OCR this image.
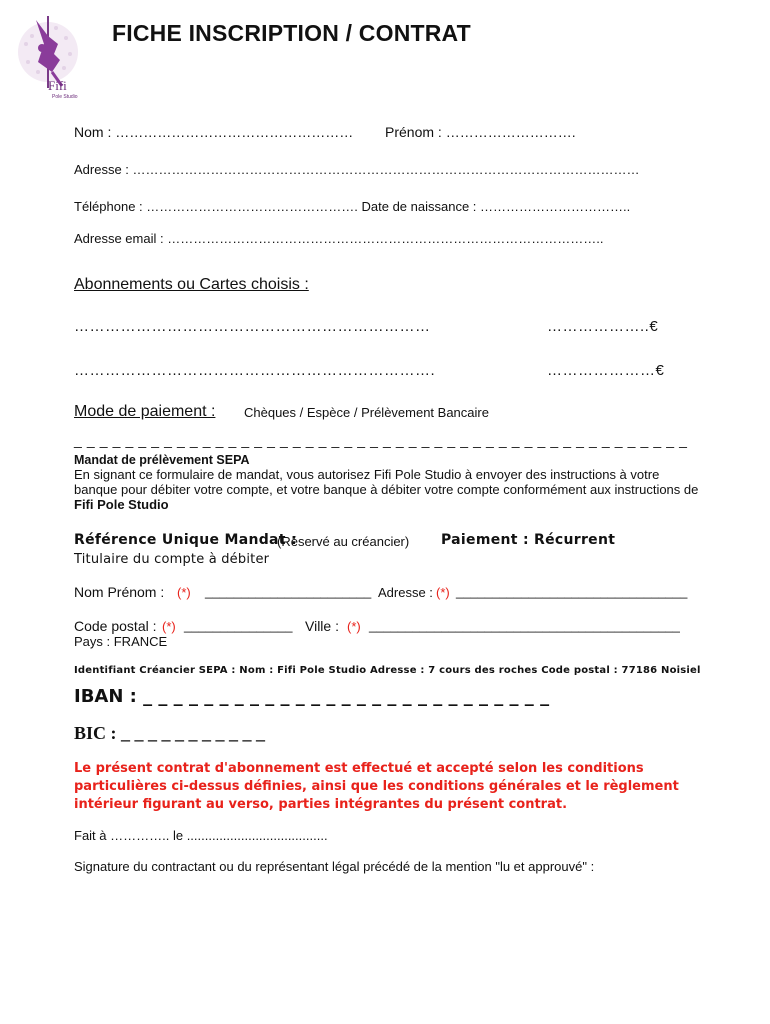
Fifi
Pole Studio
FICHE INSCRIPTION / CONTRAT
Nom : …………………………………………… Prénom : ……………………….
Adresse : ………………………………………………………………………………………………………
Téléphone : …………………………………………. Date de naissance : ……………………………..
Adresse email : ………………………………………………………………………………………..
Abonnements ou Cartes choisis :
……………………………………………………………	………………..€
…………………………………………………………….	…………………€
Mode de paiement : Chèques / Espèce / Prélèvement Bancaire
_ _ _ _ _ _ _ _ _ _ _ _ _ _ _ _ _ _ _ _ _ _ _ _ _ _ _ _ _ _ _ _ _ _ _ _ _ _ _ _ _ _ _ _ _ _ _ _
Mandat de prélèvement SEPA
En signant ce formulaire de mandat, vous autorisez Fifi Pole Studio à envoyer des instructions à votre banque pour débiter votre compte, et votre banque à débiter votre compte conformément aux instructions de Fifi Pole Studio
Référence Unique Mandat :
(Réservé au créancier) Paiement : Récurrent
Titulaire du compte à débiter
Nom Prénom : (*) _______________________ Adresse : (*) ________________________________
Code postal : (*) _______________ Ville : (*) ___________________________________________
Pays : FRANCE
Identifiant Créancier SEPA : Nom : Fifi Pole Studio Adresse : 7 cours des roches Code postal : 77186 Noisiel
IBAN : _ _ _ _ _ _ _ _ _ _ _ _ _ _ _ _ _ _ _ _ _ _ _ _ _ _ _
BIC : _ _ _ _ _ _ _ _ _ _ _
Le présent contrat d'abonnement est effectué et accepté selon les conditions particulières ci-dessus définies, ainsi que les conditions générales et le règlement intérieur figurant au verso, parties intégrantes du présent contrat.
Fait à ………….. le .......................................
Signature du contractant ou du représentant légal précédé de la mention "lu et approuvé" :
